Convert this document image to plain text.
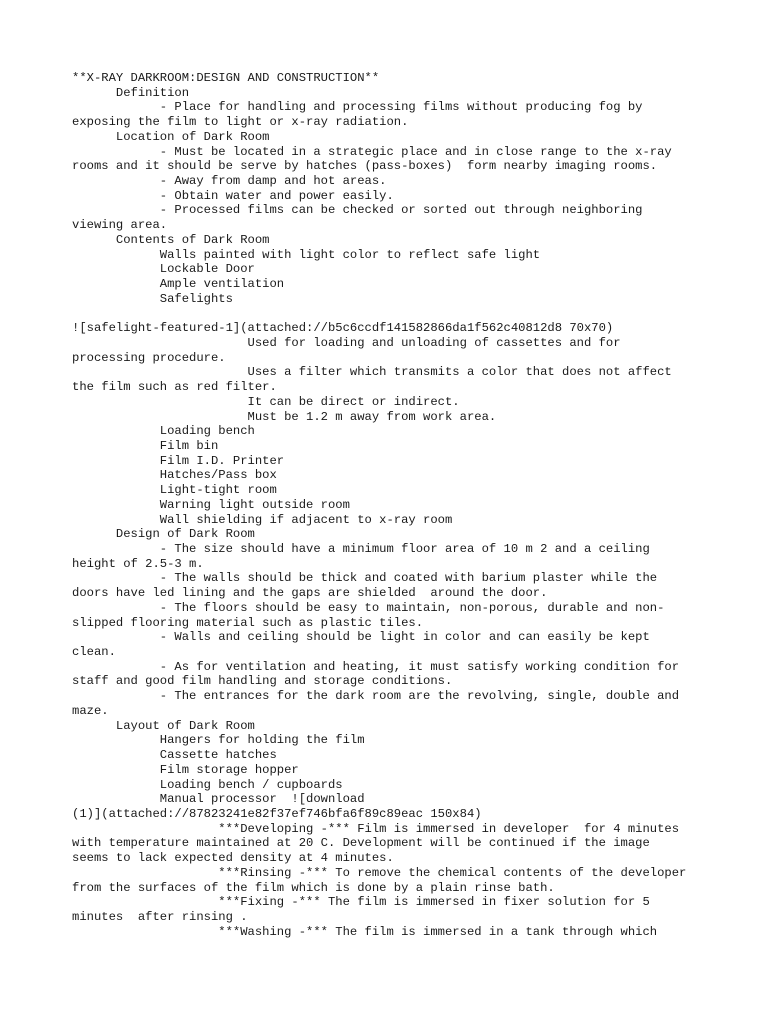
**X-RAY DARKROOM:DESIGN AND CONSTRUCTION**
Definition
- Place for handling and processing films without producing fog by
exposing the film to light or x-ray radiation.
Location of Dark Room
- Must be located in a strategic place and in close range to the x-ray
rooms and it should be serve by hatches (pass-boxes)  form nearby imaging rooms.
- Away from damp and hot areas.
- Obtain water and power easily.
- Processed films can be checked or sorted out through neighboring
viewing area.
Contents of Dark Room
Walls painted with light color to reflect safe light
Lockable Door
Ample ventilation
Safelights
![safelight-featured-1](attached://b5c6ccdf141582866da1f562c40812d8 70x70)
Used for loading and unloading of cassettes and for
processing procedure.
Uses a filter which transmits a color that does not affect
the film such as red filter.
It can be direct or indirect.
Must be 1.2 m away from work area.
Loading bench
Film bin
Film I.D. Printer
Hatches/Pass box
Light-tight room
Warning light outside room
Wall shielding if adjacent to x-ray room
Design of Dark Room
- The size should have a minimum floor area of 10 m 2 and a ceiling
height of 2.5-3 m.
- The walls should be thick and coated with barium plaster while the
doors have led lining and the gaps are shielded  around the door.
- The floors should be easy to maintain, non-porous, durable and non-
slipped flooring material such as plastic tiles.
- Walls and ceiling should be light in color and can easily be kept
clean.
- As for ventilation and heating, it must satisfy working condition for
staff and good film handling and storage conditions.
- The entrances for the dark room are the revolving, single, double and
maze.
Layout of Dark Room
Hangers for holding the film
Cassette hatches
Film storage hopper
Loading bench / cupboards
Manual processor  ![download
(1)](attached://87823241e82f37ef746bfa6f89c89eac 150x84)
***Developing -*** Film is immersed in developer  for 4 minutes
with temperature maintained at 20 C. Development will be continued if the image
seems to lack expected density at 4 minutes.
***Rinsing -*** To remove the chemical contents of the developer
from the surfaces of the film which is done by a plain rinse bath.
***Fixing -*** The film is immersed in fixer solution for 5
minutes  after rinsing .
***Washing -*** The film is immersed in a tank through which
